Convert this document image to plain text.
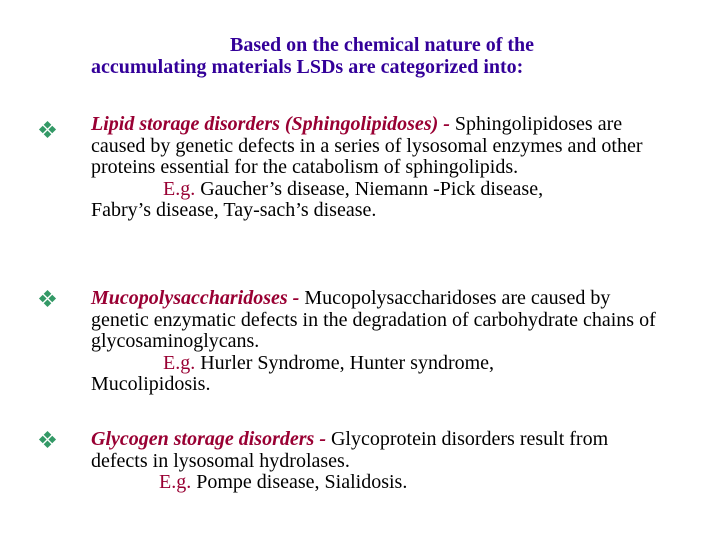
Based on the chemical nature of the
accumulating materials LSDs are categorized into:
Lipid storage disorders (Sphingolipidoses) - Sphingolipidoses are caused by genetic defects in a series of lysosomal enzymes and other proteins essential for the catabolism of sphingolipids.
E.g. Gaucher’s disease, Niemann -Pick disease,
Fabry’s disease, Tay-sach’s disease.
Mucopolysaccharidoses - Mucopolysaccharidoses are caused by genetic enzymatic defects in the degradation of carbohydrate chains of glycosaminoglycans.
E.g. Hurler Syndrome, Hunter syndrome,
Mucolipidosis.
Glycogen storage disorders - Glycoprotein disorders result from defects in lysosomal hydrolases.
E.g. Pompe disease, Sialidosis.
